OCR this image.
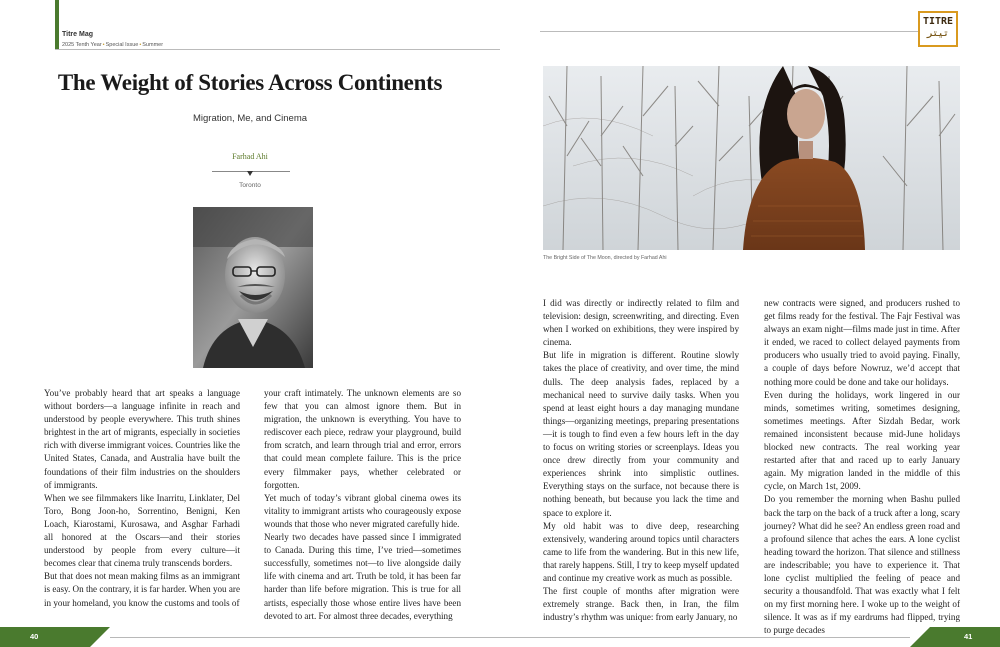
Titre Mag
2025 Tenth Year•Special Issue•Summer
TITRE
تیتر
The Weight of Stories Across Continents
Migration, Me, and Cinema
Farhad Ahi
Toronto
The Bright Side of The Moon, directed by Farhad Ahi

You’ve probably heard that art speaks a language without borders—a language infinite in reach and understood by people everywhere. This truth shines brightest in the art of migrants, especially in societies rich with diverse immigrant voices. Countries like the United States, Canada, and Australia have built the foundations of their film industries on the shoulders of immigrants.

When we see filmmakers like Inarritu, Linklater, Del Toro, Bong Joon-ho, Sorrentino, Benigni, Ken Loach, Kiarostami, Kurosawa, and Asghar Farhadi all honored at the Oscars—and their stories understood by people from every culture—it becomes clear that cinema truly transcends borders.

But that does not mean making films as an immigrant is easy. On the contrary, it is far harder. When you are in your homeland, you know the customs and tools of

your craft intimately. The unknown elements are so few that you can almost ignore them. But in migration, the unknown is everything. You have to rediscover each piece, redraw your playground, build from scratch, and learn through trial and error, errors that could mean complete failure. This is the price every filmmaker pays, whether celebrated or forgotten.

Yet much of today’s vibrant global cinema owes its vitality to immigrant artists who courageously expose wounds that those who never migrated carefully hide.

Nearly two decades have passed since I immigrated to Canada. During this time, I’ve tried—sometimes successfully, sometimes not—to live alongside daily life with cinema and art. Truth be told, it has been far harder than life before migration. This is true for all artists, especially those whose entire lives have been devoted to art. For almost three decades, everything

I did was directly or indirectly related to film and television: design, screenwriting, and directing. Even when I worked on exhibitions, they were inspired by cinema.

But life in migration is different. Routine slowly takes the place of creativity, and over time, the mind dulls. The deep analysis fades, replaced by a mechanical need to survive daily tasks. When you spend at least eight hours a day managing mundane things—organizing meetings, preparing presentations—it is tough to find even a few hours left in the day to focus on writing stories or screenplays. Ideas you once drew directly from your community and experiences shrink into simplistic outlines. Everything stays on the surface, not because there is nothing beneath, but because you lack the time and space to explore it.

My old habit was to dive deep, researching extensively, wandering around topics until characters came to life from the wandering. But in this new life, that rarely happens. Still, I try to keep myself updated and continue my creative work as much as possible.

The first couple of months after migration were extremely strange. Back then, in Iran, the film industry’s rhythm was unique: from early January, no

new contracts were signed, and producers rushed to get films ready for the festival. The Fajr Festival was always an exam night—films made just in time. After it ended, we raced to collect delayed payments from producers who usually tried to avoid paying. Finally, a couple of days before Nowruz, we’d accept that nothing more could be done and take our holidays.

Even during the holidays, work lingered in our minds, sometimes writing, sometimes designing, sometimes meetings. After Sizdah Bedar, work remained inconsistent because mid-June holidays blocked new contracts. The real working year restarted after that and raced up to early January again. My migration landed in the middle of this cycle, on March 1st, 2009.

Do you remember the morning when Bashu pulled back the tarp on the back of a truck after a long, scary journey? What did he see? An endless green road and a profound silence that aches the ears. A lone cyclist heading toward the horizon. That silence and stillness are indescribable; you have to experience it. That lone cyclist multiplied the feeling of peace and security a thousandfold. That was exactly what I felt on my first morning here. I woke up to the weight of silence. It was as if my eardrums had flipped, trying to purge decades

40	41
